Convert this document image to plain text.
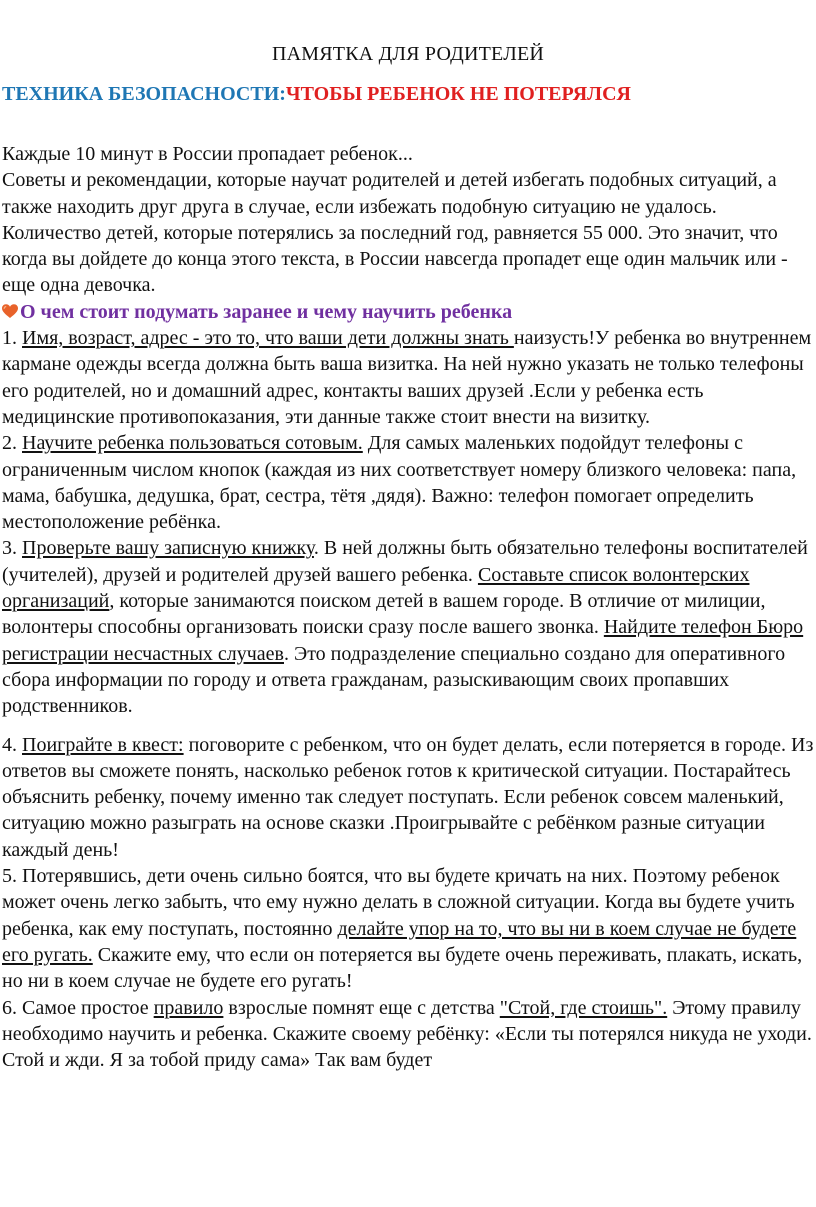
ПАМЯТКА ДЛЯ РОДИТЕЛЕЙ
ТЕХНИКА БЕЗОПАСНОСТИ:ЧТОБЫ РЕБЕНОК НЕ ПОТЕРЯЛСЯ

Каждые 10 минут в России пропадает ребенок...

Советы и рекомендации, которые научат родителей и детей избегать подобных ситуаций, а также находить друг друга в случае, если избежать подобную ситуацию не удалось.

Количество детей, которые потерялись за последний год, равняется 55 000. Это значит, что когда вы дойдете до конца этого текста, в России навсегда пропадет еще один мальчик или - еще одна девочка.

О чем стоит подумать заранее и чему научить ребенка

1. Имя, возраст, адрес - это то, что ваши дети должны знать наизусть!У ребенка во внутреннем кармане одежды всегда должна быть ваша визитка. На ней нужно указать не только телефоны его родителей, но и домашний адрес, контакты ваших друзей .Если у ребенка есть медицинские противопоказания, эти данные также стоит внести на визитку.

2. Научите ребенка пользоваться сотовым. Для самых маленьких подойдут телефоны с ограниченным числом кнопок (каждая из них соответствует номеру близкого человека: папа, мама, бабушка, дедушка, брат, сестра, тётя ,дядя). Важно: телефон помогает определить местоположение ребёнка.

3. Проверьте вашу записную книжку. В ней должны быть обязательно телефоны воспитателей (учителей), друзей и родителей друзей вашего ребенка. Составьте список волонтерских организаций, которые занимаются поиском детей в вашем городе. В отличие от милиции, волонтеры способны организовать поиски сразу после вашего звонка. Найдите телефон Бюро регистрации несчастных случаев. Это подразделение специально создано для оперативного сбора информации по городу и ответа гражданам, разыскивающим своих пропавших родственников.

4. Поиграйте в квест: поговорите с ребенком, что он будет делать, если потеряется в городе. Из ответов вы сможете понять, насколько ребенок готов к критической ситуации. Постарайтесь объяснить ребенку, почему именно так следует поступать. Если ребенок совсем маленький, ситуацию можно разыграть на основе сказки .Проигрывайте с ребёнком разные ситуации каждый день!

5. Потерявшись, дети очень сильно боятся, что вы будете кричать на них. Поэтому ребенок может очень легко забыть, что ему нужно делать в сложной ситуации. Когда вы будете учить ребенка, как ему поступать, постоянно делайте упор на то, что вы ни в коем случае не будете его ругать. Скажите ему, что если он потеряется вы будете очень переживать, плакать, искать, но ни в коем случае не будете его ругать!

6. Самое простое правило взрослые помнят еще с детства "Стой, где стоишь". Этому правилу необходимо научить и ребенка. Скажите своему ребёнку: «Если ты потерялся никуда не уходи. Стой и жди. Я за тобой приду сама» Так вам будет
